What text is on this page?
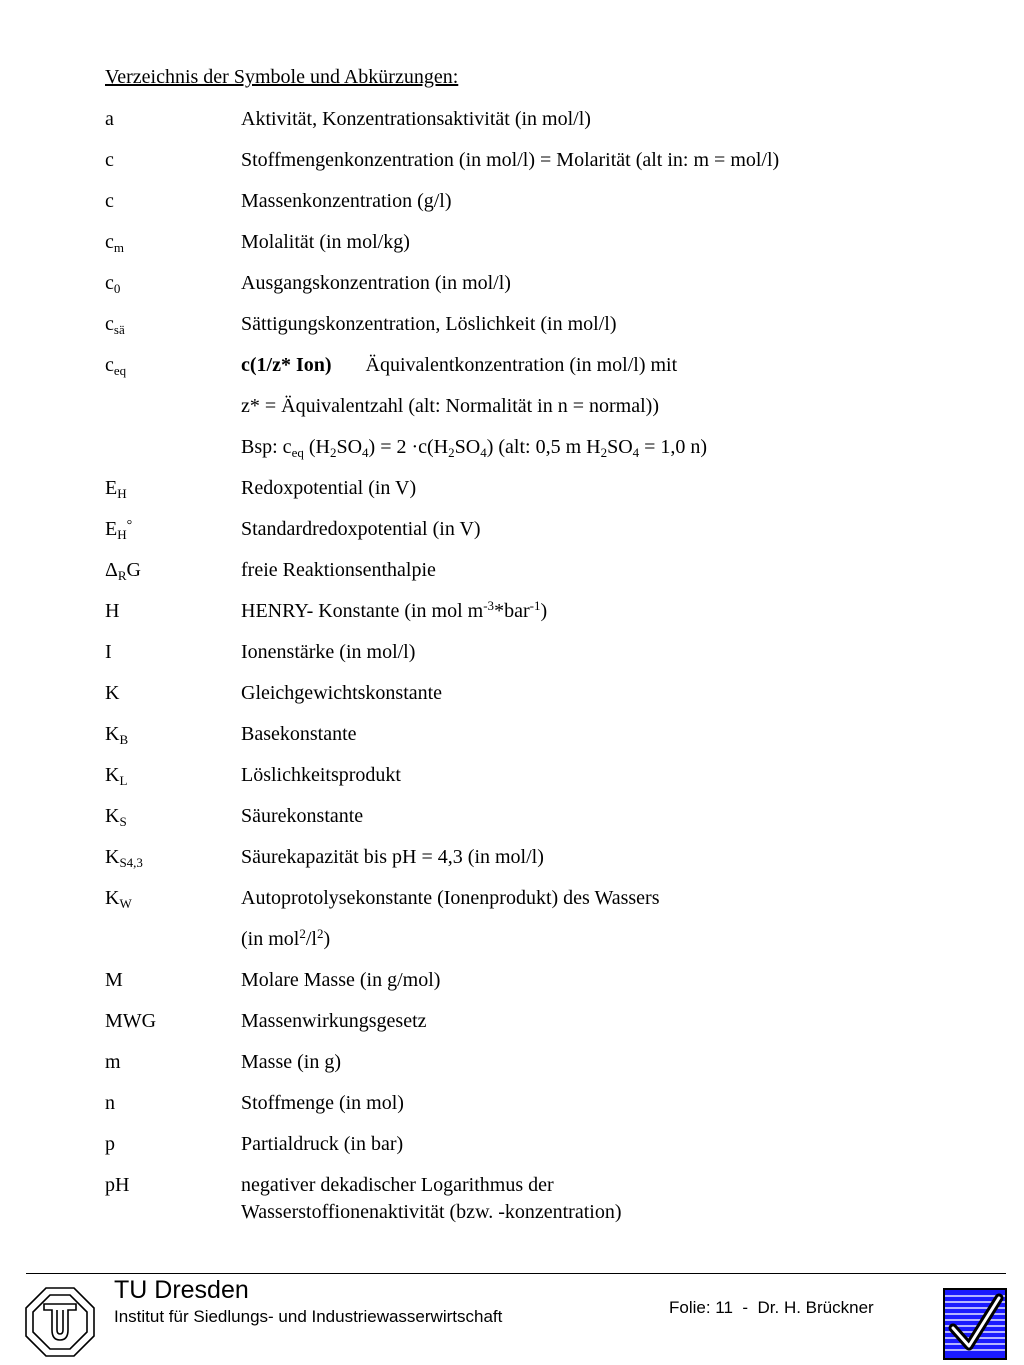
Verzeichnis der Symbole und Abkürzungen:
a	Aktivität, Konzentrationsaktivität (in mol/l)
c	Stoffmengenkonzentration (in mol/l) = Molarität (alt in: m = mol/l)
c	Massenkonzentration (g/l)
$c_m$	Molalität (in mol/kg)
$c_0$	Ausgangskonzentration (in mol/l)
$c_{sä}$	Sättigungskonzentration, Löslichkeit (in mol/l)
$c_{eq}$	c(1/z* Ion) Äquivalentkonzentration (in mol/l) mit
z* = Äquivalentzahl (alt: Normalität in n = normal))
Bsp: $c_{eq}$ $(H_2SO_4) = 2 \cdot c(H_2SO_4)$ (alt: 0,5 m $H_2SO_4 = 1,0$ n)
$E_H$	Redoxpotential (in V)
$E_H^\circ$	Standardredoxpotential (in V)
$\Delta_RG$	freie Reaktionsenthalpie
H	HENRY- Konstante (in mol $m^{-3}*bar^{-1}$)
I	Ionenstärke (in mol/l)
K	Gleichgewichtskonstante
$K_B$	Basekonstante
$K_L$	Löslichkeitsprodukt
$K_S$	Säurekonstante
$K_{S4,3}$	Säurekapazität bis pH = 4,3 (in mol/l)
$K_W$	Autoprotolysekonstante (Ionenprodukt) des Wassers
(in $mol^2/l^2$)
M	Molare Masse (in g/mol)
MWG	Massenwirkungsgesetz
m	Masse (in g)
n	Stoffmenge (in mol)
p	Partialdruck (in bar)
pH	negativer dekadischer Logarithmus der
Wasserstoffionenaktivität (bzw. -konzentration)
TU Dresden
Institut für Siedlungs- und Industriewasserwirtschaft	Folie: 11  -  Dr. H. Brückner
